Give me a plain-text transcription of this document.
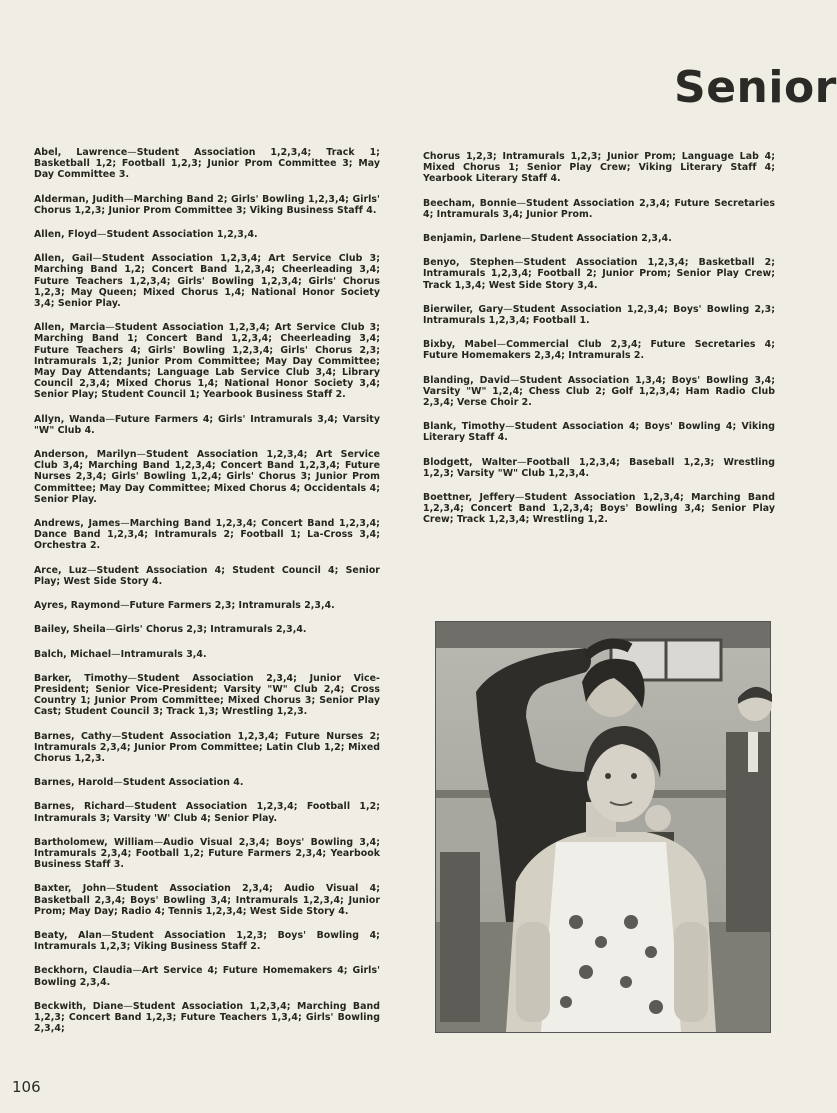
Senior

Abel, Lawrence—Student Association 1,2,3,4; Track 1; Basketball 1,2; Football 1,2,3; Junior Prom Committee 3; May Day Committee 3.

Alderman, Judith—Marching Band 2; Girls' Bowling 1,2,3,4; Girls' Chorus 1,2,3; Junior Prom Committee 3; Viking Business Staff 4.

Allen, Floyd—Student Association 1,2,3,4.

Allen, Gail—Student Association 1,2,3,4; Art Service Club 3; Marching Band 1,2; Concert Band 1,2,3,4; Cheerleading 3,4; Future Teachers 1,2,3,4; Girls' Bowling 1,2,3,4; Girls' Chorus 1,2,3; May Queen; Mixed Chorus 1,4; National Honor Society 3,4; Senior Play.

Allen, Marcia—Student Association 1,2,3,4; Art Service Club 3; Marching Band 1; Concert Band 1,2,3,4; Cheerleading 3,4; Future Teachers 4; Girls' Bowling 1,2,3,4; Girls' Chorus 2,3; Intramurals 1,2; Junior Prom Committee; May Day Committee; May Day Attendants; Language Lab Service Club 3,4; Library Council 2,3,4; Mixed Chorus 1,4; National Honor Society 3,4; Senior Play; Student Council 1; Yearbook Business Staff 2.

Allyn, Wanda—Future Farmers 4; Girls' Intramurals 3,4; Varsity "W" Club 4.

Anderson, Marilyn—Student Association 1,2,3,4; Art Service Club 3,4; Marching Band 1,2,3,4; Concert Band 1,2,3,4; Future Nurses 2,3,4; Girls' Bowling 1,2,4; Girls' Chorus 3; Junior Prom Committee; May Day Committee; Mixed Chorus 4; Occidentals 4; Senior Play.

Andrews, James—Marching Band 1,2,3,4; Concert Band 1,2,3,4; Dance Band 1,2,3,4; Intramurals 2; Football 1; La-Cross 3,4; Orchestra 2.

Arce, Luz—Student Association 4; Student Council 4; Senior Play; West Side Story 4.

Ayres, Raymond—Future Farmers 2,3; Intramurals 2,3,4.

Bailey, Sheila—Girls' Chorus 2,3; Intramurals 2,3,4.

Balch, Michael—Intramurals 3,4.

Barker, Timothy—Student Association 2,3,4; Junior Vice-President; Senior Vice-President; Varsity "W" Club 2,4; Cross Country 1; Junior Prom Committee; Mixed Chorus 3; Senior Play Cast; Student Council 3; Track 1,3; Wrestling 1,2,3.

Barnes, Cathy—Student Association 1,2,3,4; Future Nurses 2; Intramurals 2,3,4; Junior Prom Committee; Latin Club 1,2; Mixed Chorus 1,2,3.

Barnes, Harold—Student Association 4.

Barnes, Richard—Student Association 1,2,3,4; Football 1,2; Intramurals 3; Varsity 'W' Club 4; Senior Play.

Bartholomew, William—Audio Visual 2,3,4; Boys' Bowling 3,4; Intramurals 2,3,4; Football 1,2; Future Farmers 2,3,4; Yearbook Business Staff 3.

Baxter, John—Student Association 2,3,4; Audio Visual 4; Basketball 2,3,4; Boys' Bowling 3,4; Intramurals 1,2,3,4; Junior Prom; May Day; Radio 4; Tennis 1,2,3,4; West Side Story 4.

Beaty, Alan—Student Association 1,2,3; Boys' Bowling 4; Intramurals 1,2,3; Viking Business Staff 2.

Beckhorn, Claudia—Art Service 4; Future Homemakers 4; Girls' Bowling 2,3,4.

Beckwith, Diane—Student Association 1,2,3,4; Marching Band 1,2,3; Concert Band 1,2,3; Future Teachers 1,3,4; Girls' Bowling 2,3,4;

Chorus 1,2,3; Intramurals 1,2,3; Junior Prom; Language Lab 4; Mixed Chorus 1; Senior Play Crew; Viking Literary Staff 4; Yearbook Literary Staff 4.

Beecham, Bonnie—Student Association 2,3,4; Future Secretaries 4; Intramurals 3,4; Junior Prom.

Benjamin, Darlene—Student Association 2,3,4.

Benyo, Stephen—Student Association 1,2,3,4; Basketball 2; Intramurals 1,2,3,4; Football 2; Junior Prom; Senior Play Crew; Track 1,3,4; West Side Story 3,4.

Bierwiler, Gary—Student Association 1,2,3,4; Boys' Bowling 2,3; Intramurals 1,2,3,4; Football 1.

Bixby, Mabel—Commercial Club 2,3,4; Future Secretaries 4; Future Homemakers 2,3,4; Intramurals 2.

Blanding, David—Student Association 1,3,4; Boys' Bowling 3,4; Varsity "W" 1,2,4; Chess Club 2; Golf 1,2,3,4; Ham Radio Club 2,3,4; Verse Choir 2.

Blank, Timothy—Student Association 4; Boys' Bowling 4; Viking Literary Staff 4.

Blodgett, Walter—Football 1,2,3,4; Baseball 1,2,3; Wrestling 1,2,3; Varsity "W" Club 1,2,3,4.

Boettner, Jeffery—Student Association 1,2,3,4; Marching Band 1,2,3,4; Concert Band 1,2,3,4; Boys' Bowling 3,4; Senior Play Crew; Track 1,2,3,4; Wrestling 1,2.

106
